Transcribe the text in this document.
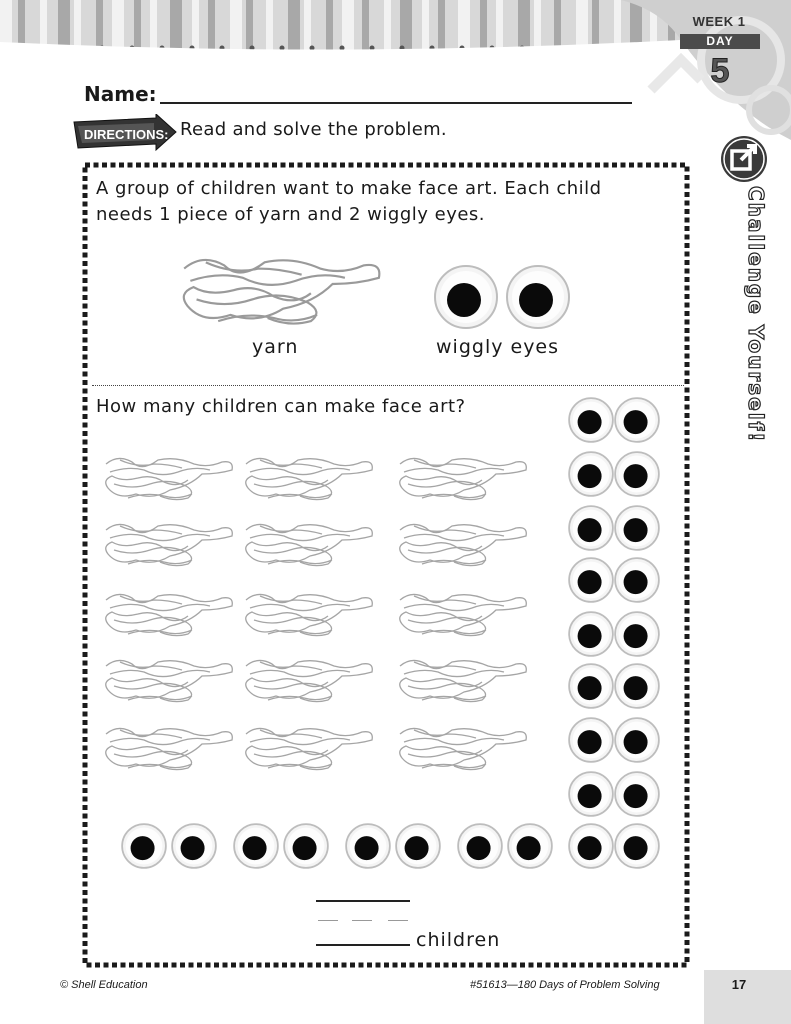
WEEK 1
DAY
5
Name:
DIRECTIONS: Read and solve the problem.
Challenge Yourself!
A group of children want to make face art. Each child
needs 1 piece of yarn and 2 wiggly eyes.
yarn	wiggly eyes
How many children can make face art?
children
© Shell Education	#51613—180 Days of Problem Solving	17
